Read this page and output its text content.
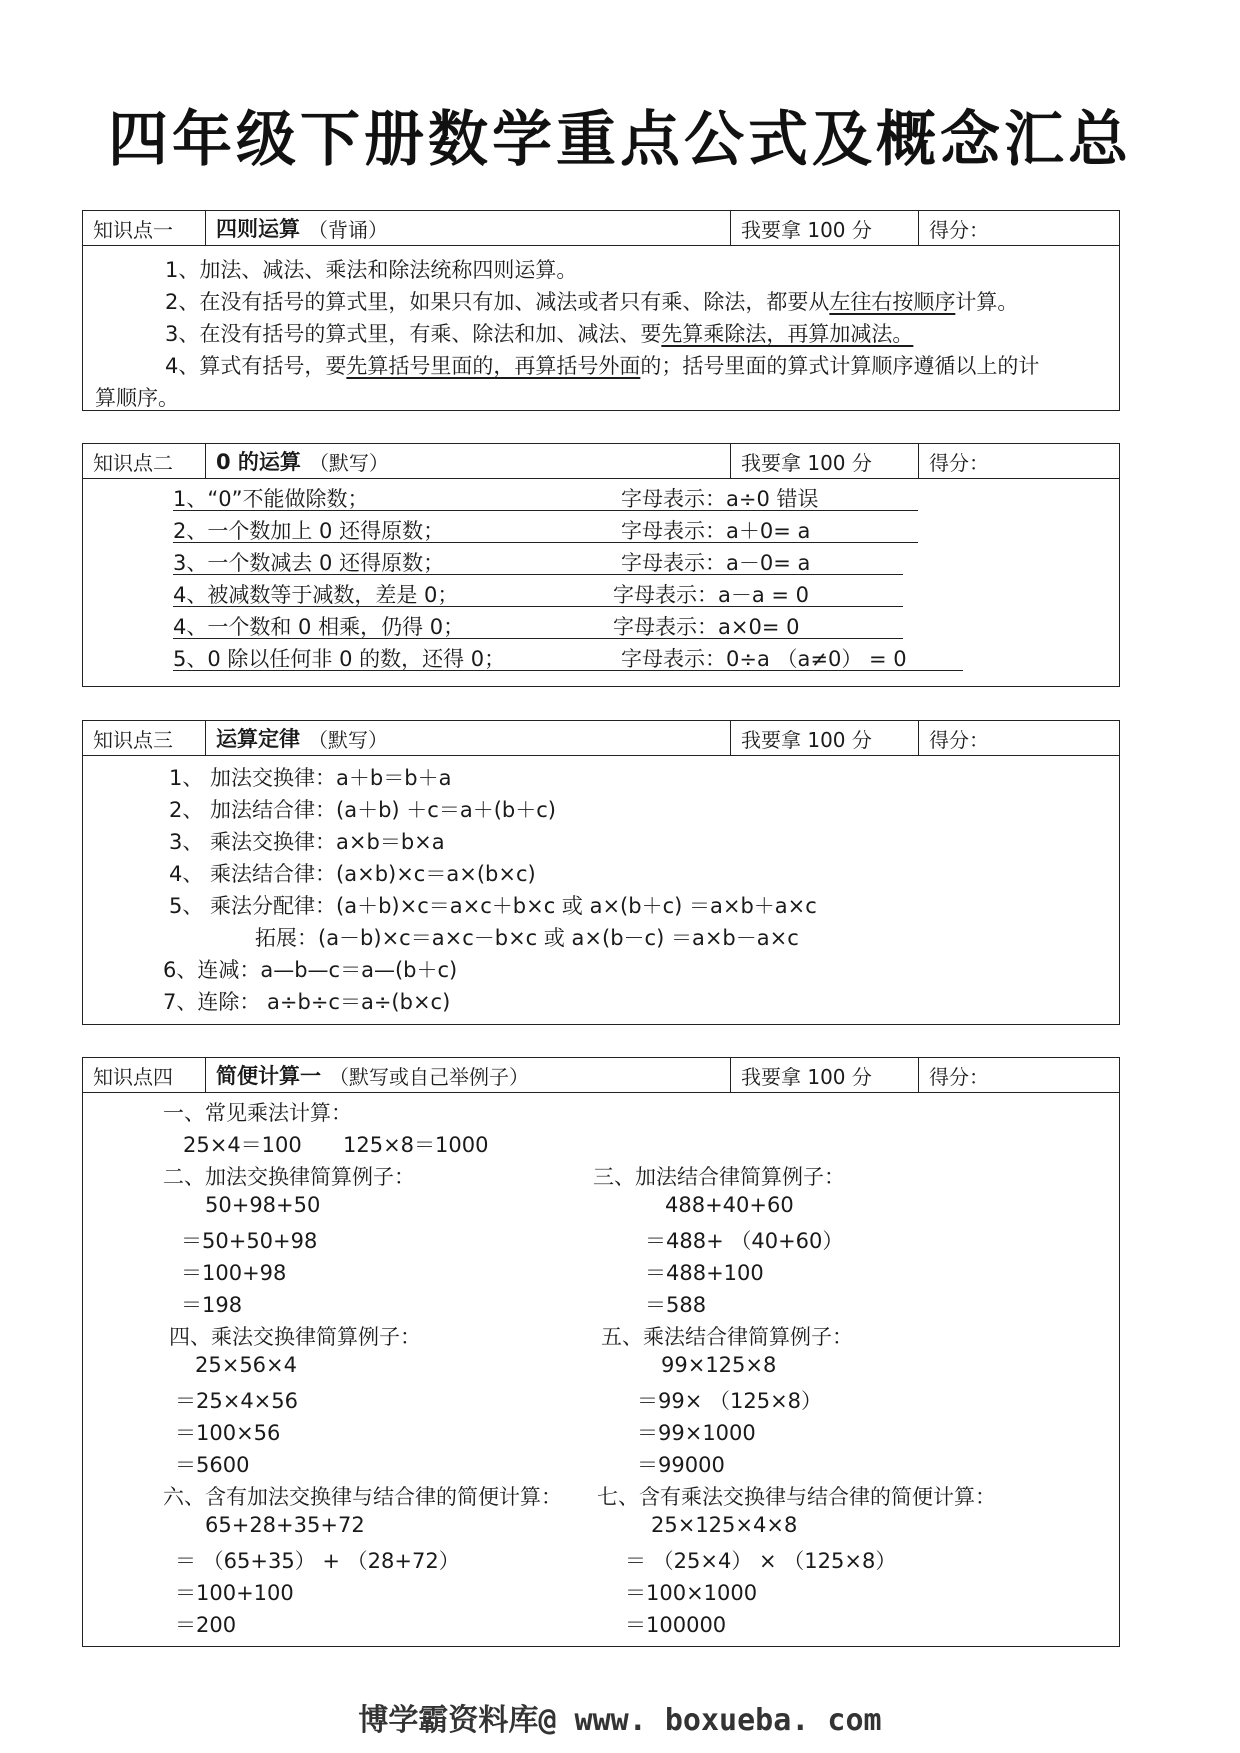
四年级下册数学重点公式及概念汇总
知识点一	四则运算 （背诵）	我要拿 100 分	得分：
1、加法、减法、乘法和除法统称四则运算。
2、在没有括号的算式里，如果只有加、减法或者只有乘、除法，都要从左往右按顺序计算。
3、在没有括号的算式里，有乘、除法和加、减法、要先算乘除法，再算加减法。
4、算式有括号，要先算括号里面的，再算括号外面的；括号里面的算式计算顺序遵循以上的计
算顺序。
知识点二	0 的运算 （默写）	我要拿 100 分	得分：
1、“0”不能做除数；	字母表示：a÷0 错误
2、一个数加上 0 还得原数；	字母表示：a＋0= a
3、一个数减去 0 还得原数；	字母表示：a－0= a
4、被减数等于减数，差是 0；	字母表示：a－a = 0
4、一个数和 0 相乘，仍得 0；	字母表示：a×0= 0
5、0 除以任何非 0 的数，还得 0；	字母表示：0÷a （a≠0） = 0
知识点三	运算定律 （默写）	我要拿 100 分	得分：
1、 加法交换律：a＋b＝b＋a
2、 加法结合律：(a＋b) ＋c＝a＋(b＋c)
3、 乘法交换律：a×b＝b×a
4、 乘法结合律：(a×b)×c＝a×(b×c)
5、 乘法分配律：(a＋b)×c＝a×c＋b×c 或 a×(b＋c) ＝a×b＋a×c
拓展：(a－b)×c＝a×c－b×c 或 a×(b－c) ＝a×b－a×c
6、连减：a—b—c＝a—(b＋c)
7、连除： a÷b÷c＝a÷(b×c)
知识点四	简便计算一 （默写或自己举例子）	我要拿 100 分	得分：
一、常见乘法计算：
25×4＝100 125×8＝1000
二、加法交换律简算例子：
50+98+50
＝50+50+98
＝100+98
＝198
三、加法结合律简算例子：
488+40+60
＝488+ （40+60）
＝488+100
＝588
四、乘法交换律简算例子：
25×56×4
＝25×4×56
＝100×56
＝5600
五、乘法结合律简算例子：
99×125×8
＝99× （125×8）
＝99×1000
＝99000
六、含有加法交换律与结合律的简便计算：
65+28+35+72
＝ （65+35） + （28+72）
＝100+100
＝200
七、含有乘法交换律与结合律的简便计算：
25×125×4×8
＝ （25×4） × （125×8）
＝100×1000
＝100000
博学霸资料库@ www. boxueba. com
